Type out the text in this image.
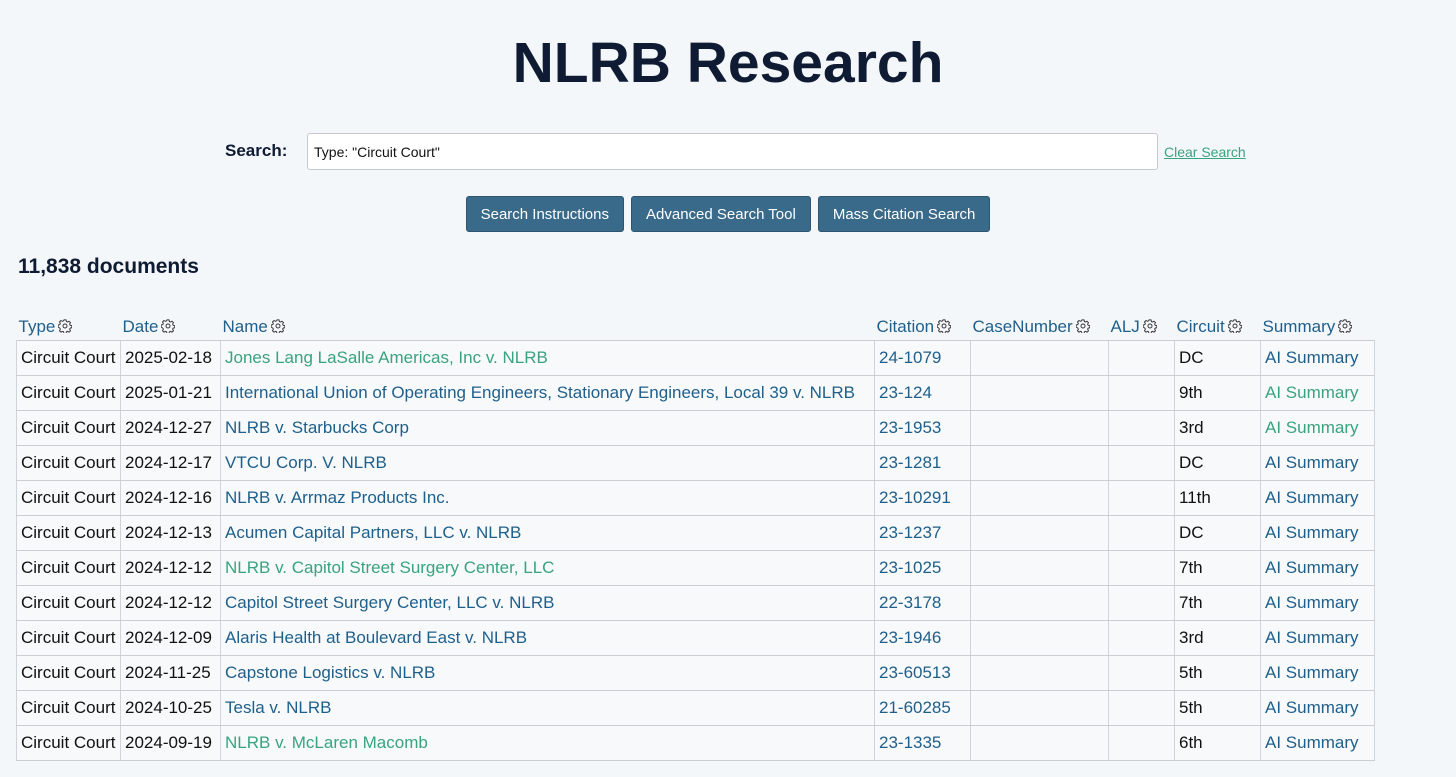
NLRB Research
Search:
Type: "Circuit Court"	Clear Search
Search Instructions	Advanced Search Tool	Mass Citation Search
11,838 documents
Type	Date	Name	Citation	CaseNumber	ALJ	Circuit	Summary
Circuit Court	2025-02-18	Jones Lang LaSalle Americas, Inc v. NLRB	24-1079			DC	AI Summary
Circuit Court	2025-01-21	International Union of Operating Engineers, Stationary Engineers, Local 39 v. NLRB	23-124			9th	AI Summary
Circuit Court	2024-12-27	NLRB v. Starbucks Corp	23-1953			3rd	AI Summary
Circuit Court	2024-12-17	VTCU Corp. V. NLRB	23-1281			DC	AI Summary
Circuit Court	2024-12-16	NLRB v. Arrmaz Products Inc.	23-10291			11th	AI Summary
Circuit Court	2024-12-13	Acumen Capital Partners, LLC v. NLRB	23-1237			DC	AI Summary
Circuit Court	2024-12-12	NLRB v. Capitol Street Surgery Center, LLC	23-1025			7th	AI Summary
Circuit Court	2024-12-12	Capitol Street Surgery Center, LLC v. NLRB	22-3178			7th	AI Summary
Circuit Court	2024-12-09	Alaris Health at Boulevard East v. NLRB	23-1946			3rd	AI Summary
Circuit Court	2024-11-25	Capstone Logistics v. NLRB	23-60513			5th	AI Summary
Circuit Court	2024-10-25	Tesla v. NLRB	21-60285			5th	AI Summary
Circuit Court	2024-09-19	NLRB v. McLaren Macomb	23-1335			6th	AI Summary
